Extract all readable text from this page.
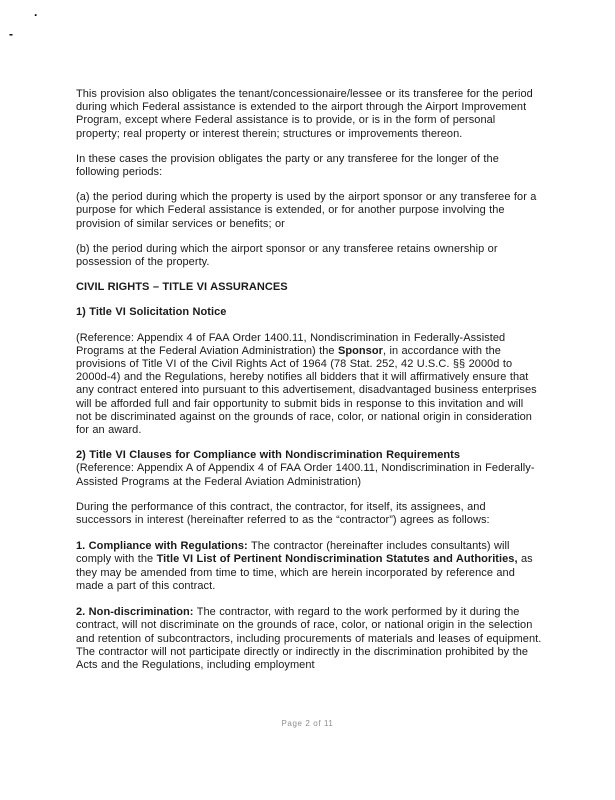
.
-

This provision also obligates the tenant/concessionaire/lessee or its transferee for the period during which Federal assistance is extended to the airport through the Airport Improvement Program, except where Federal assistance is to provide, or is in the form of personal property; real property or interest therein; structures or improvements thereon.

In these cases the provision obligates the party or any transferee for the longer of the following periods:

(a) the period during which the property is used by the airport sponsor or any transferee for a purpose for which Federal assistance is extended, or for another purpose involving the provision of similar services or benefits; or

(b) the period during which the airport sponsor or any transferee retains ownership or possession of the property.

CIVIL RIGHTS – TITLE VI ASSURANCES

1) Title VI Solicitation Notice

(Reference: Appendix 4 of FAA Order 1400.11, Nondiscrimination in Federally-Assisted Programs at the Federal Aviation Administration) the Sponsor, in accordance with the provisions of Title VI of the Civil Rights Act of 1964 (78 Stat. 252, 42 U.S.C. §§ 2000d to 2000d-4) and the Regulations, hereby notifies all bidders that it will affirmatively ensure that any contract entered into pursuant to this advertisement, disadvantaged business enterprises will be afforded full and fair opportunity to submit bids in response to this invitation and will not be discriminated against on the grounds of race, color, or national origin in consideration for an award.

2) Title VI Clauses for Compliance with Nondiscrimination Requirements

(Reference: Appendix A of Appendix 4 of FAA Order 1400.11, Nondiscrimination in Federally-Assisted Programs at the Federal Aviation Administration)

During the performance of this contract, the contractor, for itself, its assignees, and successors in interest (hereinafter referred to as the “contractor”) agrees as follows:

1. Compliance with Regulations: The contractor (hereinafter includes consultants) will comply with the Title VI List of Pertinent Nondiscrimination Statutes and Authorities, as they may be amended from time to time, which are herein incorporated by reference and made a part of this contract.

2. Non-discrimination: The contractor, with regard to the work performed by it during the contract, will not discriminate on the grounds of race, color, or national origin in the selection and retention of subcontractors, including procurements of materials and leases of equipment. The contractor will not participate directly or indirectly in the discrimination prohibited by the Acts and the Regulations, including employment

Page 2 of 11
